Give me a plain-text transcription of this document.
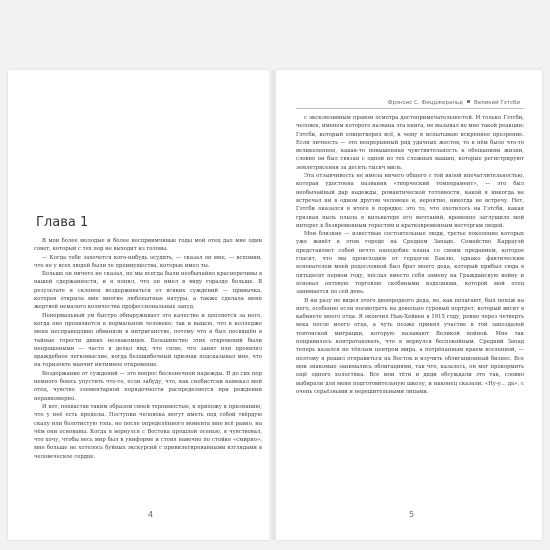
Глава 1

В мои более молодые и более восприимчивые годы мой отец дал мне один совет, который с тех пор не выходит из головы.

— Когда тебе захочется кого-нибудь осудить, — сказал он мне, — вспомни, что не у всех людей были те преимущества, которые имел ты.

Больше он ничего не сказал, но мы всегда были необычайно красноречивы в нашей сдержанности, и я понял, что он имел в виду гораздо больше. В результате я склонен воздерживаться от всяких суждений — привычка, которая открыла мне многие любопытные натуры, а также сделала меня жертвой немалого количества профессиональных зануд.

Ненормальный ум быстро обнаруживает это качество и цепляется за него, когда оно проявляется в нормальном человеке; так и вышло, что в колледже меня несправедливо обвиняли в интриганстве, потому что я был посвящён в тайные горести диких незнакомцев. Большинство этих откровений были непрошеными — часто я делал вид, что сплю, что занят или проявлял враждебное легкомыслие, когда безошибочный признак подсказывал мне, что на горизонте маячит интимное откровение.

Воздержание от суждений — это вопрос бесконечной надежды. Я до сих пор немного боюсь упустить что-то, если забуду, что, как снобистски намекал мой отец, чувство элементарной порядочности распределяется при рождении неравномерно.

И вот, похвастав таким образом своей терпимостью, я прихожу к признанию, что у неё есть пределы. Поступки человека могут иметь под собой твёрдую скалу или болотистую топь, но после определённого момента мне всё равно, на чём они основаны. Когда я вернулся с Востока прошлой осенью, я чувствовал, что хочу, чтобы весь мир был в униформе и стоял навечно по стойке «смирно»; мне больше не хотелось буйных экскурсий с привилегированными взглядами в человеческое сердце.

4
Фрэнсис С. Фицджеральд Великий Гэтсби

с эксклюзивным правом осмотра достопримечательностей. И только Гэтсби, человек, именем которого названа эта книга, не вызывал во мне такой реакции; Гэтсби, который олицетворял всё, к чему я испытываю искреннее презрение. Если личность — это непрерывный ряд удачных жестов, то в нём было что-то великолепное, какая-то повышенная чувствительность к обещаниям жизни, словно он был связан с одной из тех сложных машин, которые регистрируют землетрясения за десять тысяч миль.

Эта отзывчивость не имела ничего общего с той вялой впечатлительностью, которая удостоена названия «творческий темперамент», — это был необычайный дар надежды, романтической готовности, какой я никогда не встречал ни в одном другом человеке и, вероятно, никогда не встречу. Нет, Гэтсби оказался в итоге в порядке; это то, что охотилось на Гэтсби, какая грязная пыль плыла в кильватере его мечтаний, временно заглушило мой интерес к безвременным горестям и кратковременным восторгам людей.

Мои близкие — известные состоятельные люди, третье поколение которых уже живёт в этом городе на Среднем Западе. Семейство Каррауэй представляет собой нечто наподобие клана со своим преданием, которое гласит, что мы происходим от герцогов Баклю, однако фактическим основателем моей родословной был брат моего деда, который прибыл сюда в пятьдесят первом году, послал вместо себя замену на Гражданскую войну и основал оптовую торговлю скобяными изделиями, которой мой отец занимается по сей день.

Я ни разу не видел этого двоюродного деда, но, как полагают, был похож на него, особенно если посмотреть на довольно суровый портрет, который висит в кабинете моего отца. Я окончил Нью-Хейвен в 1915 году, ровно через четверть века после моего отца, а чуть позже принял участие в той запоздалой тевтонской миграции, которую называют Великой войной. Мне так понравилось контратаковать, что я вернулся беспокойным. Средний Запад теперь казался не тёплым центром мира, а потрёпанным краем вселенной, — поэтому я решил отправиться на Восток и изучить облигационный бизнес. Все мои знакомые занимались облигациями, так что, казалось, он мог прокормить ещё одного холостяка. Все мои тёти и дяди обсуждали это так, словно выбирали для меня подготовительную школу, и наконец сказали: «Ну-у… да», с очень серьёзными и нерешительными лицами.

5
